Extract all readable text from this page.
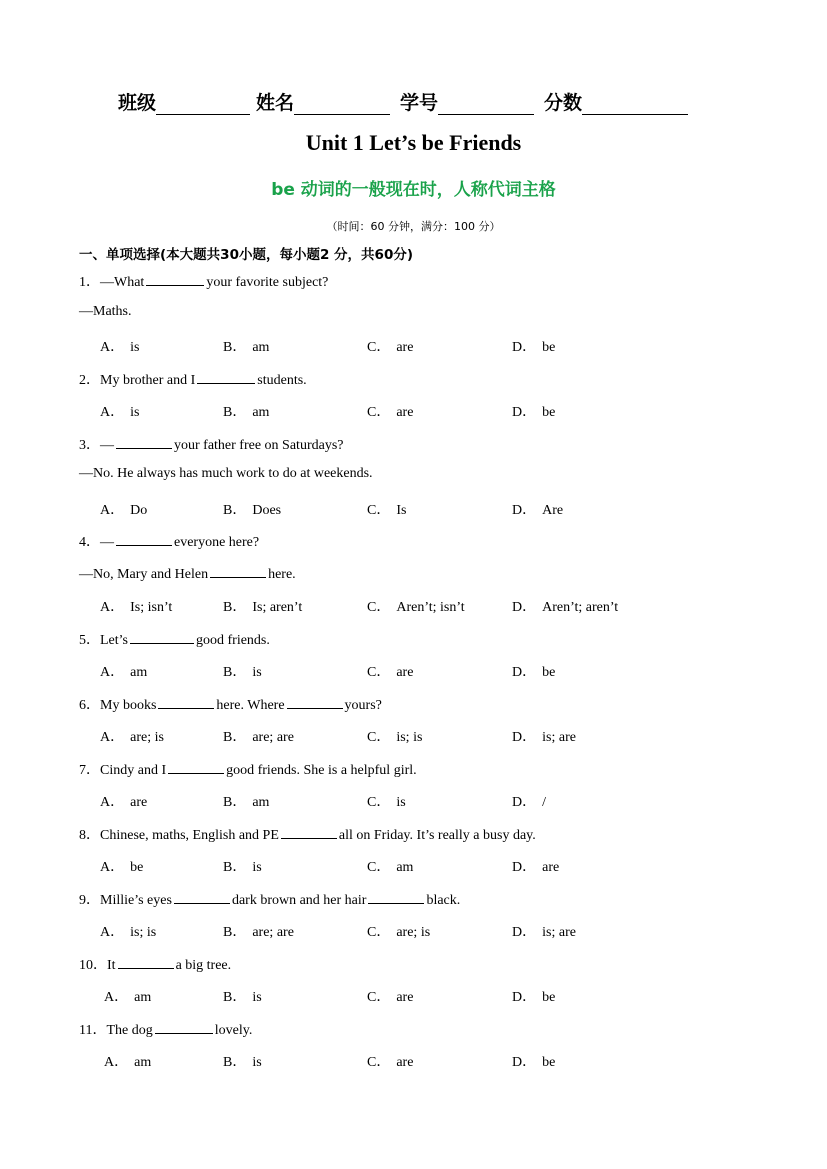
班级	姓名	学号	分数
Unit 1 Let’s be Friends
be 动词的一般现在时，人称代词主格
（时间：60 分钟，满分：100 分）
一、单项选择(本大题共30小题，每小题2 分，共60分)
1．—What	your favorite subject?
—Maths.
A． is	B． am	C． are	D． be
2．My brother and I	students.
A． is	B． am	C． are	D． be
3．—	your father free on Saturdays?
—No. He always has much work to do at weekends.
A． Do	B． Does	C． Is	D． Are
4．—	everyone here?
—No, Mary and Helen	here.
A． Is; isn’t	B． Is; aren’t	C． Aren’t; isn’t	D． Aren’t; aren’t
5．Let’s	good friends.
A． am	B． is	C． are	D． be
6．My books	here. Where	yours?
A． are; is	B． are; are	C． is; is	D． is; are
7．Cindy and I	good friends. She is a helpful girl.
A． are	B． am	C． is	D． /
8．Chinese, maths, English and PE	all on Friday. It’s really a busy day.
A． be	B． is	C． am	D． are
9．Millie’s eyes	dark brown and her hair	black.
A． is; is	B． are; are	C． are; is	D． is; are
10．It	a big tree.
A． am	B． is	C． are	D． be
11．The dog	lovely.
A． am	B． is	C． are	D． be
